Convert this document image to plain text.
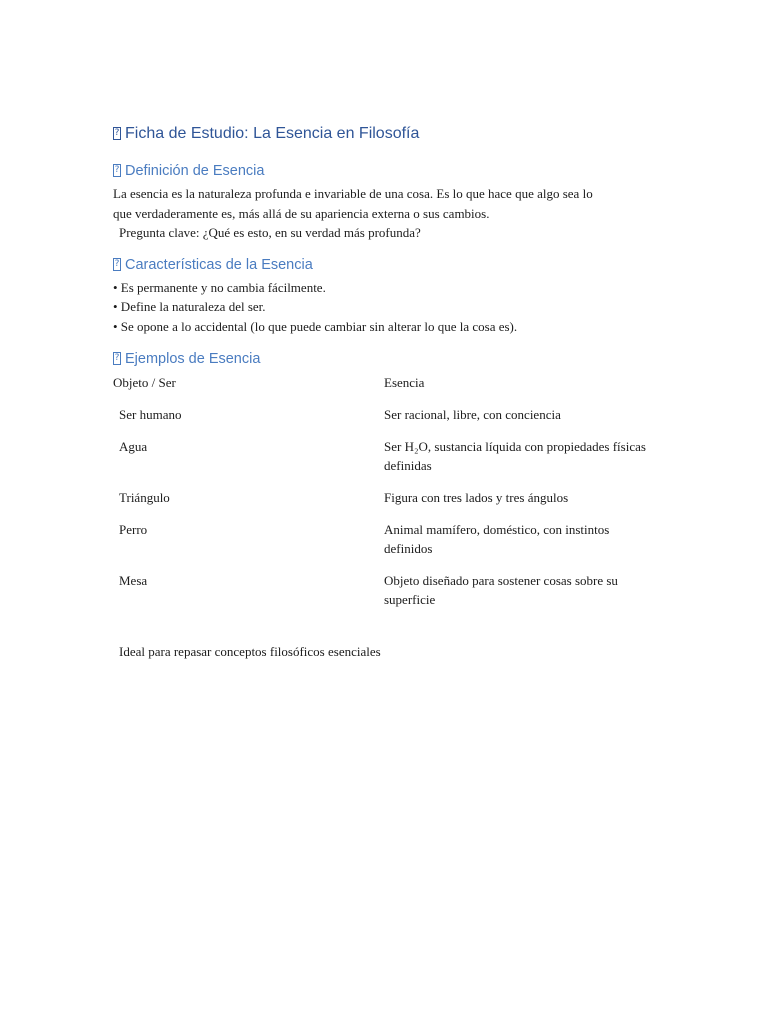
?Ficha de Estudio: La Esencia en Filosofía
?Definición de Esencia
La esencia es la naturaleza profunda e invariable de una cosa. Es lo que hace que algo sea lo
que verdaderamente es, más allá de su apariencia externa o sus cambios.
Pregunta clave: ¿Qué es esto, en su verdad más profunda?
?Características de la Esencia
• Es permanente y no cambia fácilmente.
• Define la naturaleza del ser.
• Se opone a lo accidental (lo que puede cambiar sin alterar lo que la cosa es).
?Ejemplos de Esencia
Objeto / Ser	Esencia
Ser humano	Ser racional, libre, con conciencia
Agua	Ser H₂O, sustancia líquida con propiedades físicas definidas
Triángulo	Figura con tres lados y tres ángulos
Perro	Animal mamífero, doméstico, con instintos definidos
Mesa	Objeto diseñado para sostener cosas sobre su superficie
Ideal para repasar conceptos filosóficos esenciales
